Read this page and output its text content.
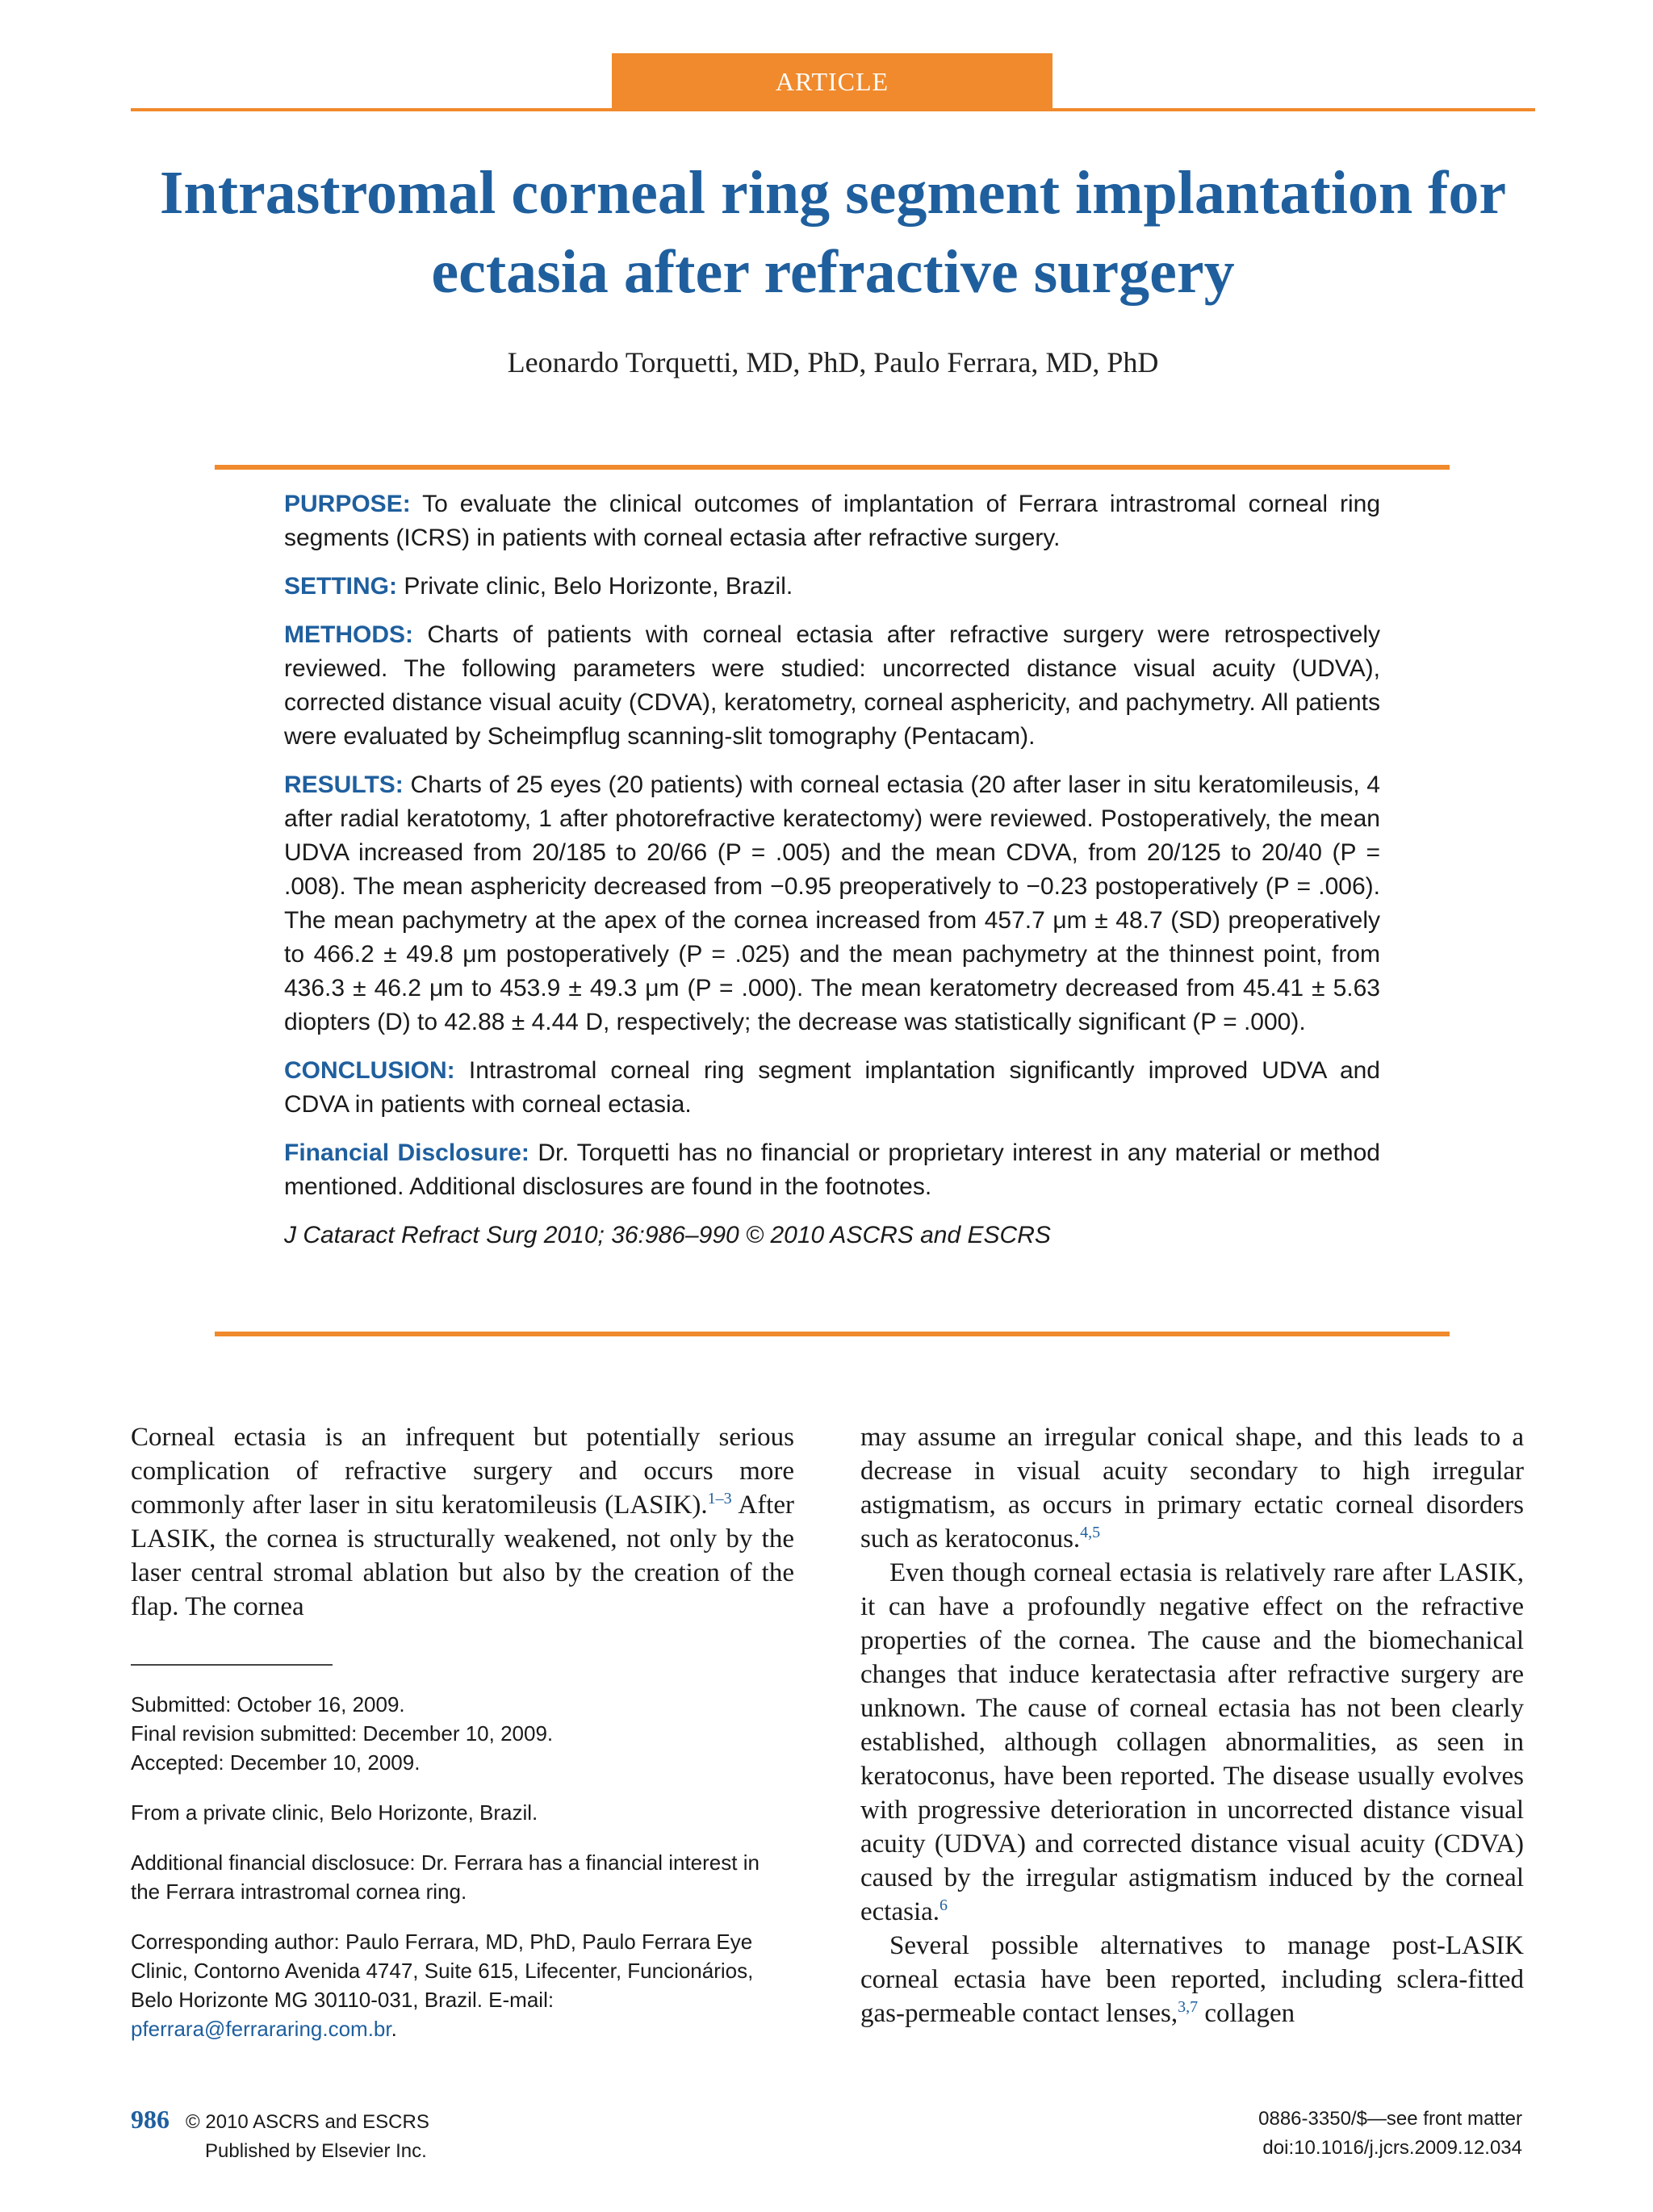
ARTICLE
Intrastromal corneal ring segment implantation for ectasia after refractive surgery
Leonardo Torquetti, MD, PhD, Paulo Ferrara, MD, PhD

PURPOSE: To evaluate the clinical outcomes of implantation of Ferrara intrastromal corneal ring segments (ICRS) in patients with corneal ectasia after refractive surgery.

SETTING: Private clinic, Belo Horizonte, Brazil.

METHODS: Charts of patients with corneal ectasia after refractive surgery were retrospectively reviewed. The following parameters were studied: uncorrected distance visual acuity (UDVA), corrected distance visual acuity (CDVA), keratometry, corneal asphericity, and pachymetry. All patients were evaluated by Scheimpflug scanning-slit tomography (Pentacam).

RESULTS: Charts of 25 eyes (20 patients) with corneal ectasia (20 after laser in situ keratomileusis, 4 after radial keratotomy, 1 after photorefractive keratectomy) were reviewed. Postoperatively, the mean UDVA increased from 20/185 to 20/66 (P = .005) and the mean CDVA, from 20/125 to 20/40 (P = .008). The mean asphericity decreased from −0.95 preoperatively to −0.23 postoperatively (P = .006). The mean pachymetry at the apex of the cornea increased from 457.7 μm ± 48.7 (SD) preoperatively to 466.2 ± 49.8 μm postoperatively (P = .025) and the mean pachymetry at the thinnest point, from 436.3 ± 46.2 μm to 453.9 ± 49.3 μm (P = .000). The mean keratometry decreased from 45.41 ± 5.63 diopters (D) to 42.88 ± 4.44 D, respectively; the decrease was statistically significant (P = .000).

CONCLUSION: Intrastromal corneal ring segment implantation significantly improved UDVA and CDVA in patients with corneal ectasia.

Financial Disclosure: Dr. Torquetti has no financial or proprietary interest in any material or method mentioned. Additional disclosures are found in the footnotes.

J Cataract Refract Surg 2010; 36:986–990 © 2010 ASCRS and ESCRS

Corneal ectasia is an infrequent but potentially serious complication of refractive surgery and occurs more commonly after laser in situ keratomileusis (LASIK).$^{1-3}$ After LASIK, the cornea is structurally weakened, not only by the laser central stromal ablation but also by the creation of the flap. The cornea

Submitted: October 16, 2009.
Final revision submitted: December 10, 2009.
Accepted: December 10, 2009.

From a private clinic, Belo Horizonte, Brazil.

Additional financial disclosuce: Dr. Ferrara has a financial interest in the Ferrara intrastromal cornea ring.

Corresponding author: Paulo Ferrara, MD, PhD, Paulo Ferrara Eye Clinic, Contorno Avenida 4747, Suite 615, Lifecenter, Funcionários, Belo Horizonte MG 30110-031, Brazil. E-mail: pferrara@ferrararing.com.br.

may assume an irregular conical shape, and this leads to a decrease in visual acuity secondary to high irregular astigmatism, as occurs in primary ectatic corneal disorders such as keratoconus.$^{4,5}$

Even though corneal ectasia is relatively rare after LASIK, it can have a profoundly negative effect on the refractive properties of the cornea. The cause and the biomechanical changes that induce keratectasia after refractive surgery are unknown. The cause of corneal ectasia has not been clearly established, although collagen abnormalities, as seen in keratoconus, have been reported. The disease usually evolves with progressive deterioration in uncorrected distance visual acuity (UDVA) and corrected distance visual acuity (CDVA) caused by the irregular astigmatism induced by the corneal ectasia.$^6$

Several possible alternatives to manage post-LASIK corneal ectasia have been reported, including sclera-fitted gas-permeable contact lenses,$^{3,7}$ collagen

986 © 2010 ASCRS and ESCRS
Published by Elsevier Inc.
0886-3350/$—see front matter
doi:10.1016/j.jcrs.2009.12.034
